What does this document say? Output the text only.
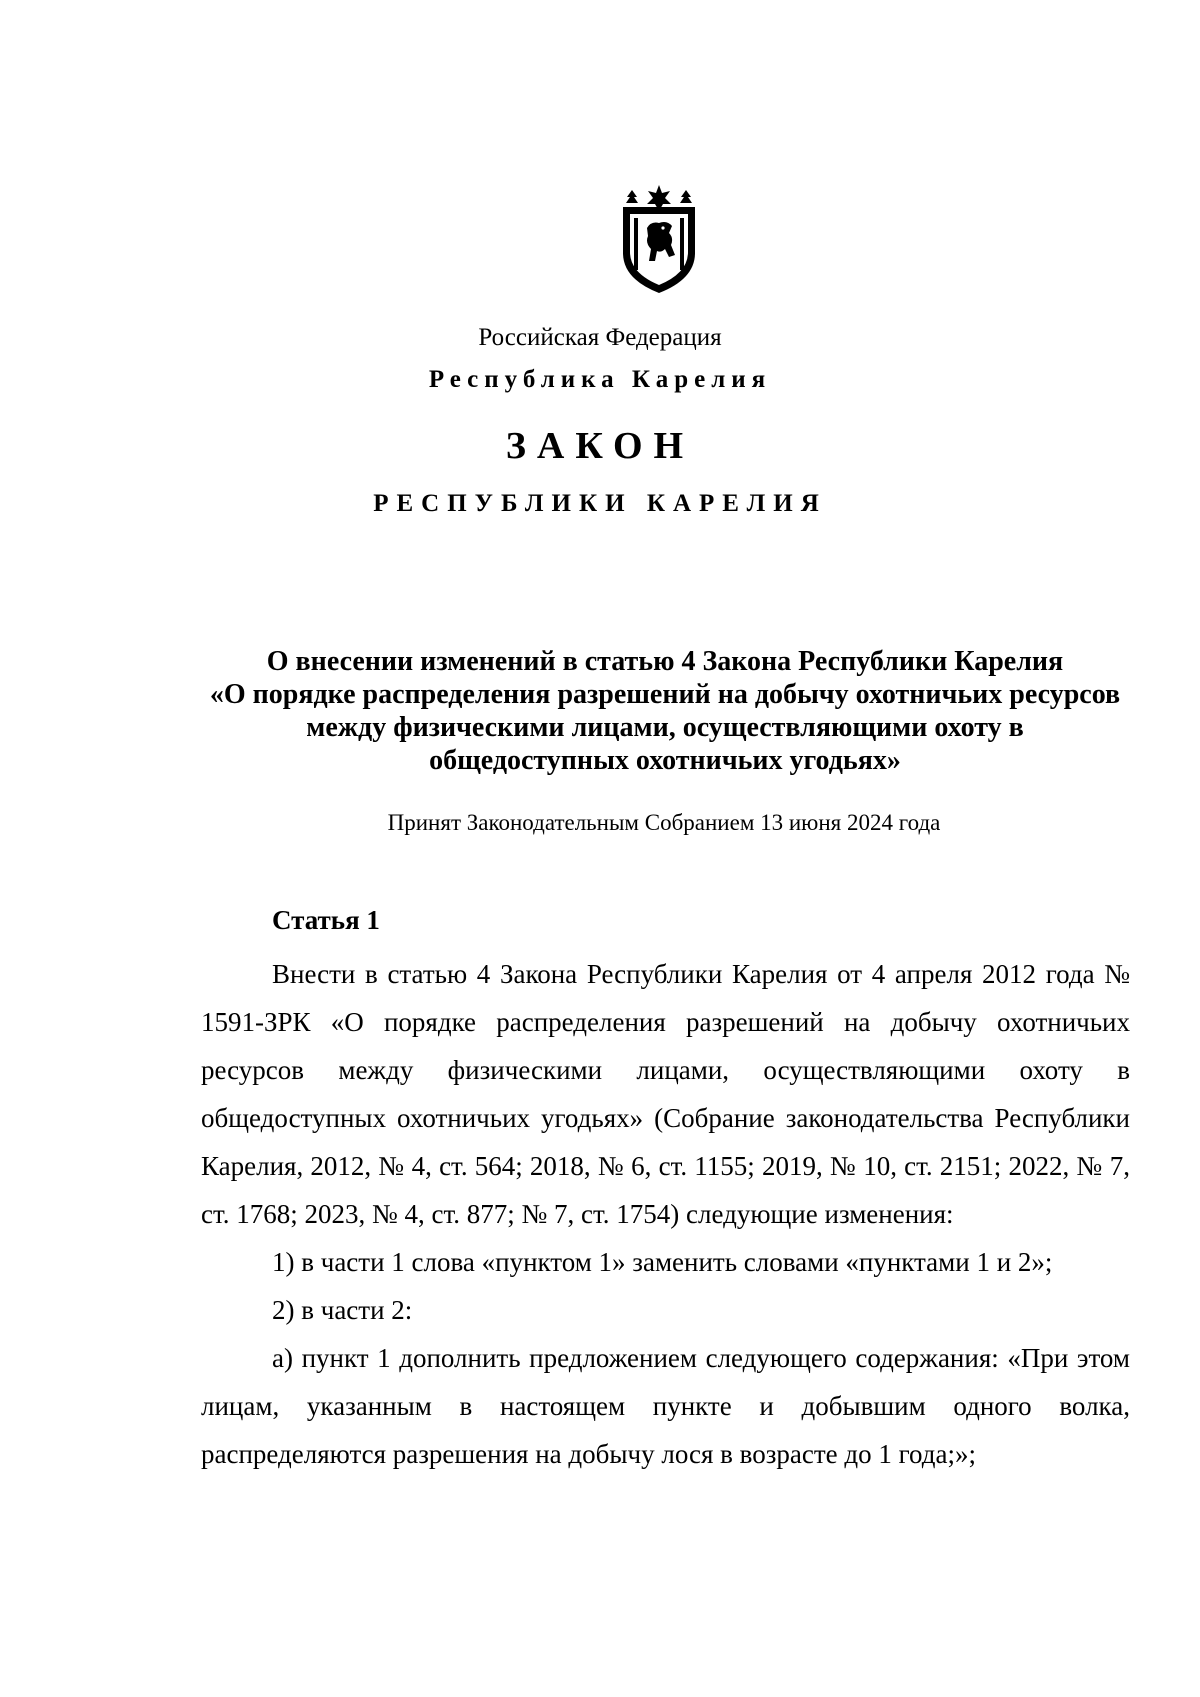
Российская Федерация
Республика Карелия
ЗАКОН
РЕСПУБЛИКИ КАРЕЛИЯ
О внесении изменений в статью 4 Закона Республики Карелия
«О порядке распределения разрешений на добычу охотничьих ресурсов
между физическими лицами, осуществляющими охоту в
общедоступных охотничьих угодьях»
Принят Законодательным Собранием 13 июня 2024 года
Статья 1

Внести в статью 4 Закона Республики Карелия от 4 апреля 2012 года № 1591-ЗРК «О порядке распределения разрешений на добычу охотничьих ресурсов между физическими лицами, осуществляющими охоту в общедоступных охотничьих угодьях» (Собрание законодательства Республики Карелия, 2012, № 4, ст. 564; 2018, № 6, ст. 1155; 2019, № 10, ст. 2151; 2022, № 7, ст. 1768; 2023, № 4, ст. 877; № 7, ст. 1754) следующие изменения:

1) в части 1 слова «пунктом 1» заменить словами «пунктами 1 и 2»;

2) в части 2:

а) пункт 1 дополнить предложением следующего содержания: «При этом лицам, указанным в настоящем пункте и добывшим одного волка, распределяются разрешения на добычу лося в возрасте до 1 года;»;
